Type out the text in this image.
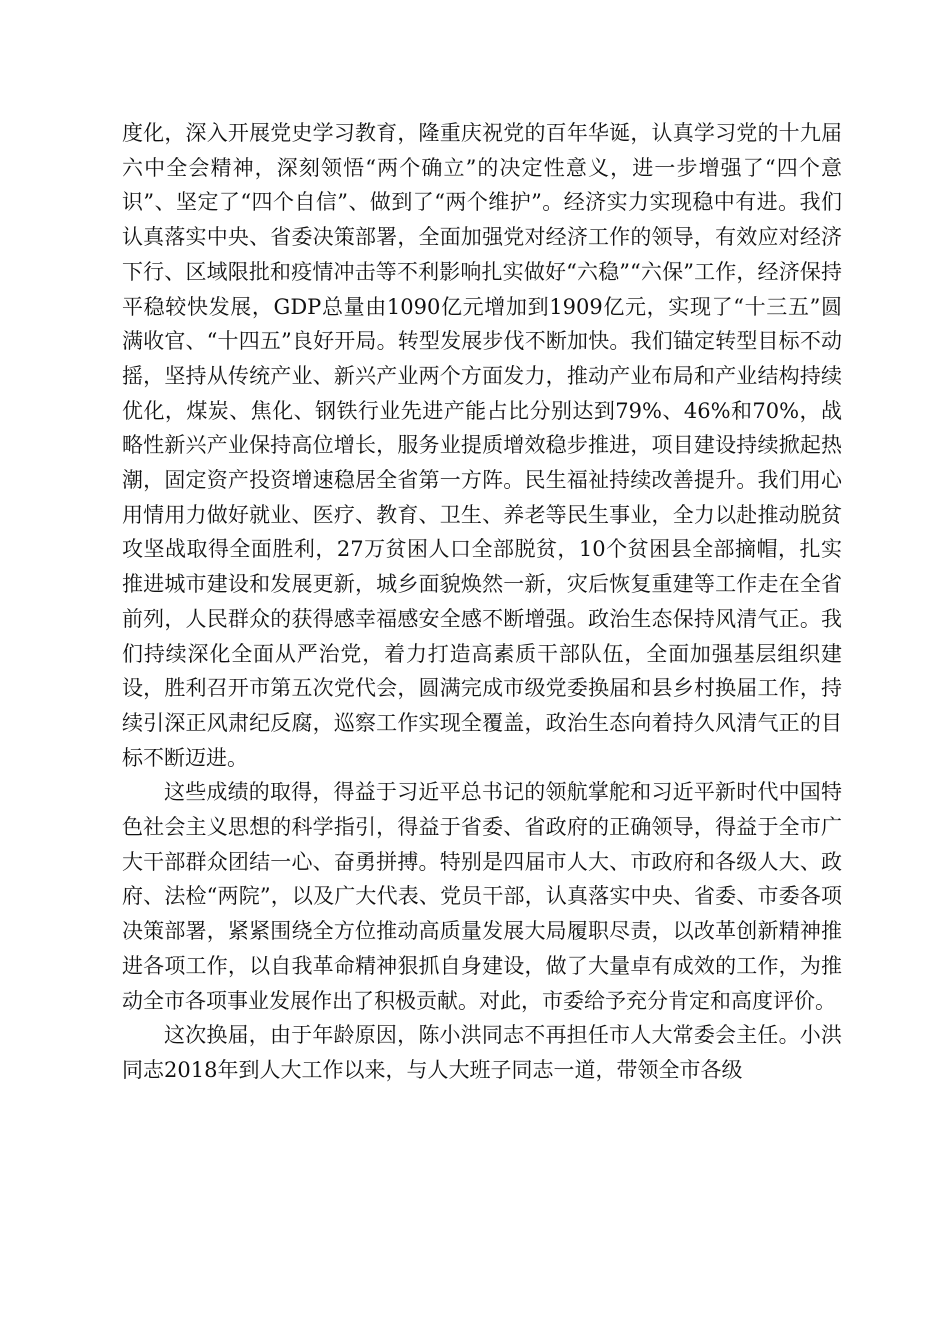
度化，深入开展党史学习教育，隆重庆祝党的百年华诞，认真学习党的十九届六中全会精神，深刻领悟“两个确立”的决定性意义，进一步增强了“四个意识”、坚定了“四个自信”、做到了“两个维护”。经济实力实现稳中有进。我们认真落实中央、省委决策部署，全面加强党对经济工作的领导，有效应对经济下行、区域限批和疫情冲击等不利影响扎实做好“六稳”“六保”工作，经济保持平稳较快发展，GDP总量由1090亿元增加到1909亿元，实现了“十三五”圆满收官、“十四五”良好开局。转型发展步伐不断加快。我们锚定转型目标不动摇，坚持从传统产业、新兴产业两个方面发力，推动产业布局和产业结构持续优化，煤炭、焦化、钢铁行业先进产能占比分别达到79%、46%和70%，战略性新兴产业保持高位增长，服务业提质增效稳步推进，项目建设持续掀起热潮，固定资产投资增速稳居全省第一方阵。民生福祉持续改善提升。我们用心用情用力做好就业、医疗、教育、卫生、养老等民生事业，全力以赴推动脱贫攻坚战取得全面胜利，27万贫困人口全部脱贫，10个贫困县全部摘帽，扎实推进城市建设和发展更新，城乡面貌焕然一新，灾后恢复重建等工作走在全省前列，人民群众的获得感幸福感安全感不断增强。政治生态保持风清气正。我们持续深化全面从严治党，着力打造高素质干部队伍，全面加强基层组织建设，胜利召开市第五次党代会，圆满完成市级党委换届和县乡村换届工作，持续引深正风肃纪反腐，巡察工作实现全覆盖，政治生态向着持久风清气正的目标不断迈进。

这些成绩的取得，得益于习近平总书记的领航掌舵和习近平新时代中国特色社会主义思想的科学指引，得益于省委、省政府的正确领导，得益于全市广大干部群众团结一心、奋勇拼搏。特别是四届市人大、市政府和各级人大、政府、法检“两院”，以及广大代表、党员干部，认真落实中央、省委、市委各项决策部署，紧紧围绕全方位推动高质量发展大局履职尽责，以改革创新精神推进各项工作，以自我革命精神狠抓自身建设，做了大量卓有成效的工作，为推动全市各项事业发展作出了积极贡献。对此，市委给予充分肯定和高度评价。

这次换届，由于年龄原因，陈小洪同志不再担任市人大常委会主任。小洪同志2018年到人大工作以来，与人大班子同志一道，带领全市各级
